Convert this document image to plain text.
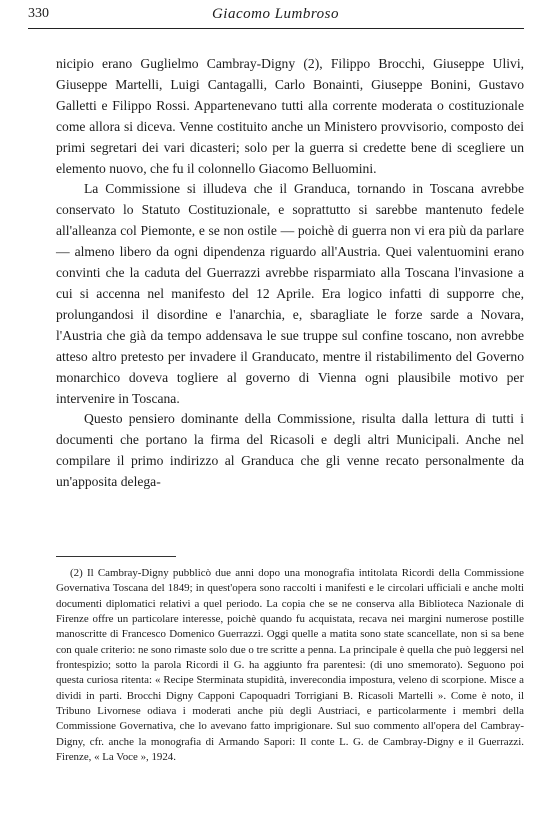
330	Giacomo Lumbroso

nicipio erano Guglielmo Cambray-Digny (2), Filippo Brocchi, Giuseppe Ulivi, Giuseppe Martelli, Luigi Cantagalli, Carlo Bonainti, Giuseppe Bonini, Gustavo Galletti e Filippo Rossi. Appartenevano tutti alla corrente moderata o costituzionale come allora si diceva. Venne costituito anche un Ministero provvisorio, composto dei primi segretari dei vari dicasteri; solo per la guerra si credette bene di scegliere un elemento nuovo, che fu il colonnello Giacomo Belluomini.

La Commissione si illudeva che il Granduca, tornando in Toscana avrebbe conservato lo Statuto Costituzionale, e soprattutto si sarebbe mantenuto fedele all'alleanza col Piemonte, e se non ostile — poichè di guerra non vi era più da parlare — almeno libero da ogni dipendenza riguardo all'Austria. Quei valentuomini erano convinti che la caduta del Guerrazzi avrebbe risparmiato alla Toscana l'invasione a cui si accenna nel manifesto del 12 Aprile. Era logico infatti di supporre che, prolungandosi il disordine e l'anarchia, e, sbaragliate le forze sarde a Novara, l'Austria che già da tempo addensava le sue truppe sul confine toscano, non avrebbe atteso altro pretesto per invadere il Granducato, mentre il ristabilimento del Governo monarchico doveva togliere al governo di Vienna ogni plausibile motivo per intervenire in Toscana.

Questo pensiero dominante della Commissione, risulta dalla lettura di tutti i documenti che portano la firma del Ricasoli e degli altri Municipali. Anche nel compilare il primo indirizzo al Granduca che gli venne recato personalmente da un'apposita delega-

(2) Il Cambray-Digny pubblicò due anni dopo una monografia intitolata Ricordi della Commissione Governativa Toscana del 1849; in quest'opera sono raccolti i manifesti e le circolari ufficiali e anche molti documenti diplomatici relativi a quel periodo. La copia che se ne conserva alla Biblioteca Nazionale di Firenze offre un particolare interesse, poichè quando fu acquistata, recava nei margini numerose postille manoscritte di Francesco Domenico Guerrazzi. Oggi quelle a matita sono state scancellate, non si sa bene con quale criterio: ne sono rimaste solo due o tre scritte a penna. La principale è quella che può leggersi nel frontespizio; sotto la parola Ricordi il G. ha aggiunto fra parentesi: (di uno smemorato). Seguono poi questa curiosa ritenta: « Recipe Sterminata stupidità, inverecondia impostura, veleno di scorpione. Misce a dividi in parti. Brocchi Digny Capponi Capoquadri Torrigiani B. Ricasoli Martelli ». Come è noto, il Tribuno Livornese odiava i moderati anche più degli Austriaci, e particolarmente i membri della Commissione Governativa, che lo avevano fatto imprigionare. Sul suo commento all'opera del Cambray-Digny, cfr. anche la monografia di Armando Sapori: Il conte L. G. de Cambray-Digny e il Guerrazzi. Firenze, « La Voce », 1924.
